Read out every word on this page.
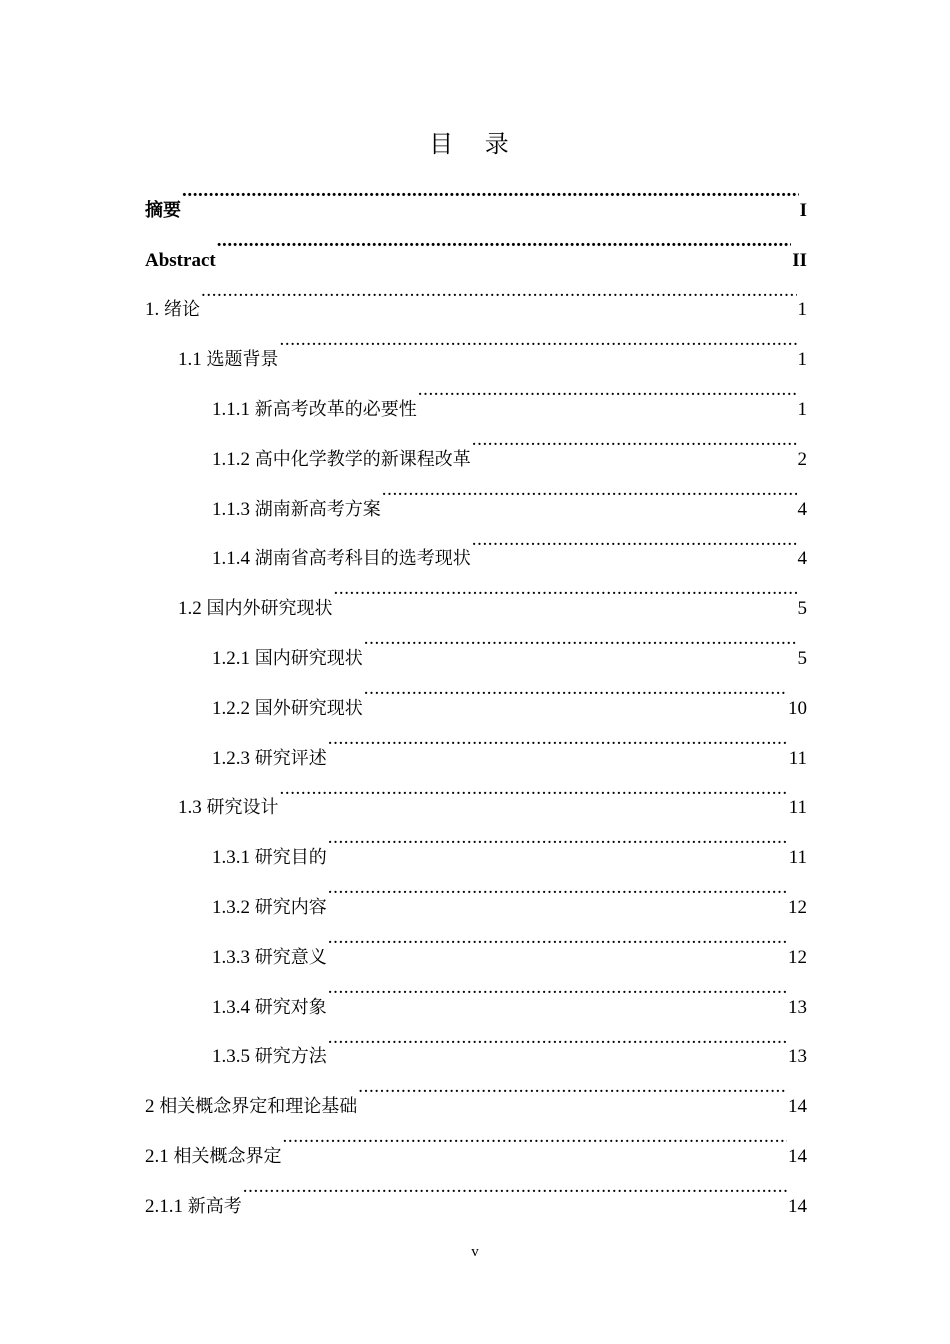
目 录
摘要 .....	I
Abstract .....	II
1. 绪论 .....	1
1.1 选题背景 .....	1
1.1.1 新高考改革的必要性 .....	1
1.1.2 高中化学教学的新课程改革 .....	2
1.1.3 湖南新高考方案 .....	4
1.1.4 湖南省高考科目的选考现状 .....	4
1.2 国内外研究现状 .....	5
1.2.1 国内研究现状 .....	5
1.2.2 国外研究现状 .....	10
1.2.3 研究评述 .....	11
1.3 研究设计 .....	11
1.3.1 研究目的 .....	11
1.3.2 研究内容 .....	12
1.3.3 研究意义 .....	12
1.3.4 研究对象 .....	13
1.3.5 研究方法 .....	13
2 相关概念界定和理论基础 .....	14
2.1 相关概念界定 .....	14
2.1.1 新高考 .....	14
v
